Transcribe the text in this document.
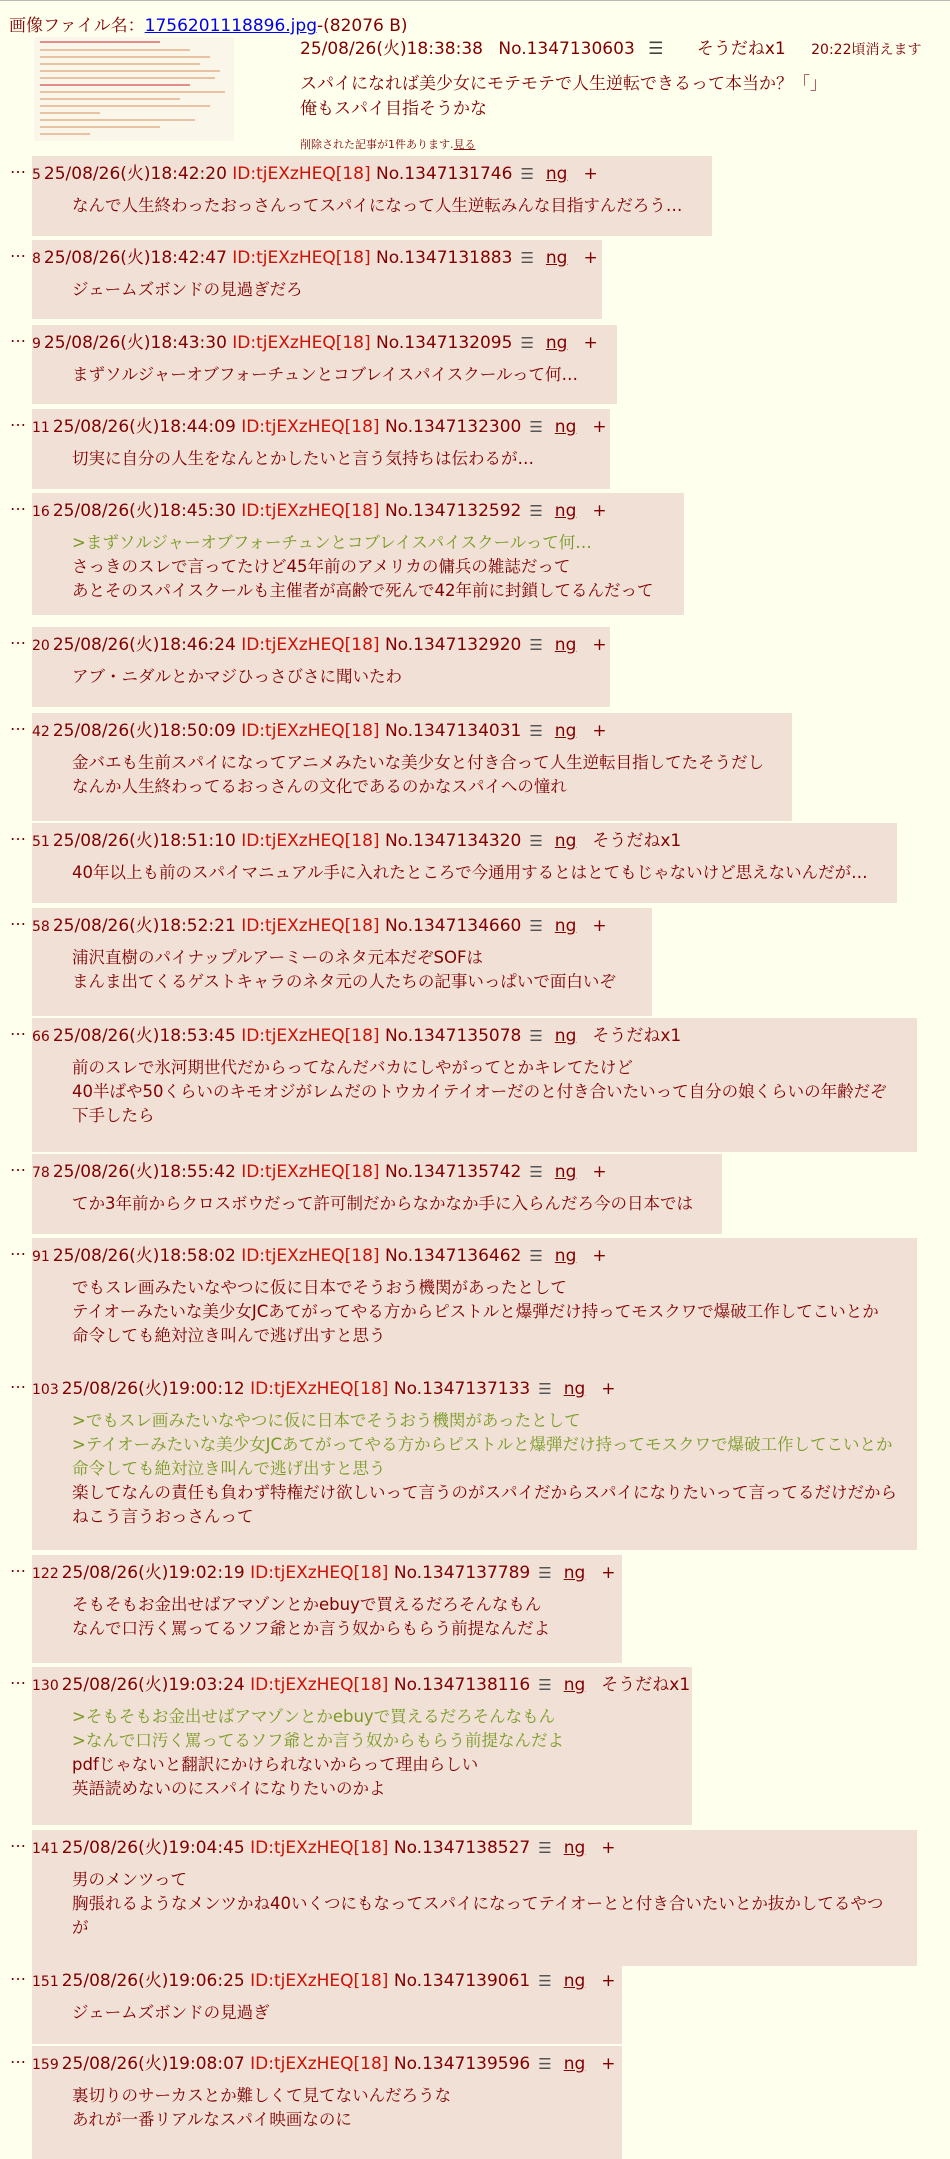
画像ファイル名：1756201118896.jpg-(82076 B)
25/08/26(火)18:38:38 No.1347130603 ☰ そうだねx1 20:22頃消えます
スパイになれば美少女にモテモテで人生逆転できるって本当か？「」
俺もスパイ目指そうかな
削除された記事が1件あります.見る
… 5 25/08/26(火)18:42:20 ID:tjEXzHEQ[18] No.1347131746 ☰ ng +
なんで人生終わったおっさんってスパイになって人生逆転みんな目指すんだろう…
… 8 25/08/26(火)18:42:47 ID:tjEXzHEQ[18] No.1347131883 ☰ ng +
ジェームズボンドの見過ぎだろ
… 9 25/08/26(火)18:43:30 ID:tjEXzHEQ[18] No.1347132095 ☰ ng +
まずソルジャーオブフォーチュンとコブレイスパイスクールって何…
… 11 25/08/26(火)18:44:09 ID:tjEXzHEQ[18] No.1347132300 ☰ ng +
切実に自分の人生をなんとかしたいと言う気持ちは伝わるが…
… 16 25/08/26(火)18:45:30 ID:tjEXzHEQ[18] No.1347132592 ☰ ng +
>まずソルジャーオブフォーチュンとコブレイスパイスクールって何…
さっきのスレで言ってたけど45年前のアメリカの傭兵の雑誌だって
あとそのスパイスクールも主催者が高齢で死んで42年前に封鎖してるんだって
… 20 25/08/26(火)18:46:24 ID:tjEXzHEQ[18] No.1347132920 ☰ ng +
アブ・ニダルとかマジひっさびさに聞いたわ
… 42 25/08/26(火)18:50:09 ID:tjEXzHEQ[18] No.1347134031 ☰ ng +
金バエも生前スパイになってアニメみたいな美少女と付き合って人生逆転目指してたそうだし
なんか人生終わってるおっさんの文化であるのかなスパイへの憧れ
… 51 25/08/26(火)18:51:10 ID:tjEXzHEQ[18] No.1347134320 ☰ ng そうだねx1
40年以上も前のスパイマニュアル手に入れたところで今通用するとはとてもじゃないけど思えないんだが…
… 58 25/08/26(火)18:52:21 ID:tjEXzHEQ[18] No.1347134660 ☰ ng +
浦沢直樹のパイナップルアーミーのネタ元本だぞSOFは
まんま出てくるゲストキャラのネタ元の人たちの記事いっぱいで面白いぞ
… 66 25/08/26(火)18:53:45 ID:tjEXzHEQ[18] No.1347135078 ☰ ng そうだねx1
前のスレで氷河期世代だからってなんだバカにしやがってとかキレてたけど
40半ばや50くらいのキモオジがレムだのトウカイテイオーだのと付き合いたいって自分の娘くらいの年齢だぞ
下手したら
… 78 25/08/26(火)18:55:42 ID:tjEXzHEQ[18] No.1347135742 ☰ ng +
てか3年前からクロスボウだって許可制だからなかなか手に入らんだろ今の日本では
… 91 25/08/26(火)18:58:02 ID:tjEXzHEQ[18] No.1347136462 ☰ ng +
でもスレ画みたいなやつに仮に日本でそうおう機関があったとして
テイオーみたいな美少女JCあてがってやる方からピストルと爆弾だけ持ってモスクワで爆破工作してこいとか
命令しても絶対泣き叫んで逃げ出すと思う
… 103 25/08/26(火)19:00:12 ID:tjEXzHEQ[18] No.1347137133 ☰ ng +
>でもスレ画みたいなやつに仮に日本でそうおう機関があったとして
>テイオーみたいな美少女JCあてがってやる方からピストルと爆弾だけ持ってモスクワで爆破工作してこいとか
命令しても絶対泣き叫んで逃げ出すと思う
楽してなんの責任も負わず特権だけ欲しいって言うのがスパイだからスパイになりたいって言ってるだけだから
ねこう言うおっさんって
… 122 25/08/26(火)19:02:19 ID:tjEXzHEQ[18] No.1347137789 ☰ ng +
そもそもお金出せばアマゾンとかebuyで買えるだろそんなもん
なんで口汚く罵ってるソフ爺とか言う奴からもらう前提なんだよ
… 130 25/08/26(火)19:03:24 ID:tjEXzHEQ[18] No.1347138116 ☰ ng そうだねx1
>そもそもお金出せばアマゾンとかebuyで買えるだろそんなもん
>なんで口汚く罵ってるソフ爺とか言う奴からもらう前提なんだよ
pdfじゃないと翻訳にかけられないからって理由らしい
英語読めないのにスパイになりたいのかよ
… 141 25/08/26(火)19:04:45 ID:tjEXzHEQ[18] No.1347138527 ☰ ng +
男のメンツって
胸張れるようなメンツかね40いくつにもなってスパイになってテイオーとと付き合いたいとか抜かしてるやつ
が
… 151 25/08/26(火)19:06:25 ID:tjEXzHEQ[18] No.1347139061 ☰ ng +
ジェームズボンドの見過ぎ
… 159 25/08/26(火)19:08:07 ID:tjEXzHEQ[18] No.1347139596 ☰ ng +
裏切りのサーカスとか難しくて見てないんだろうな
あれが一番リアルなスパイ映画なのに
